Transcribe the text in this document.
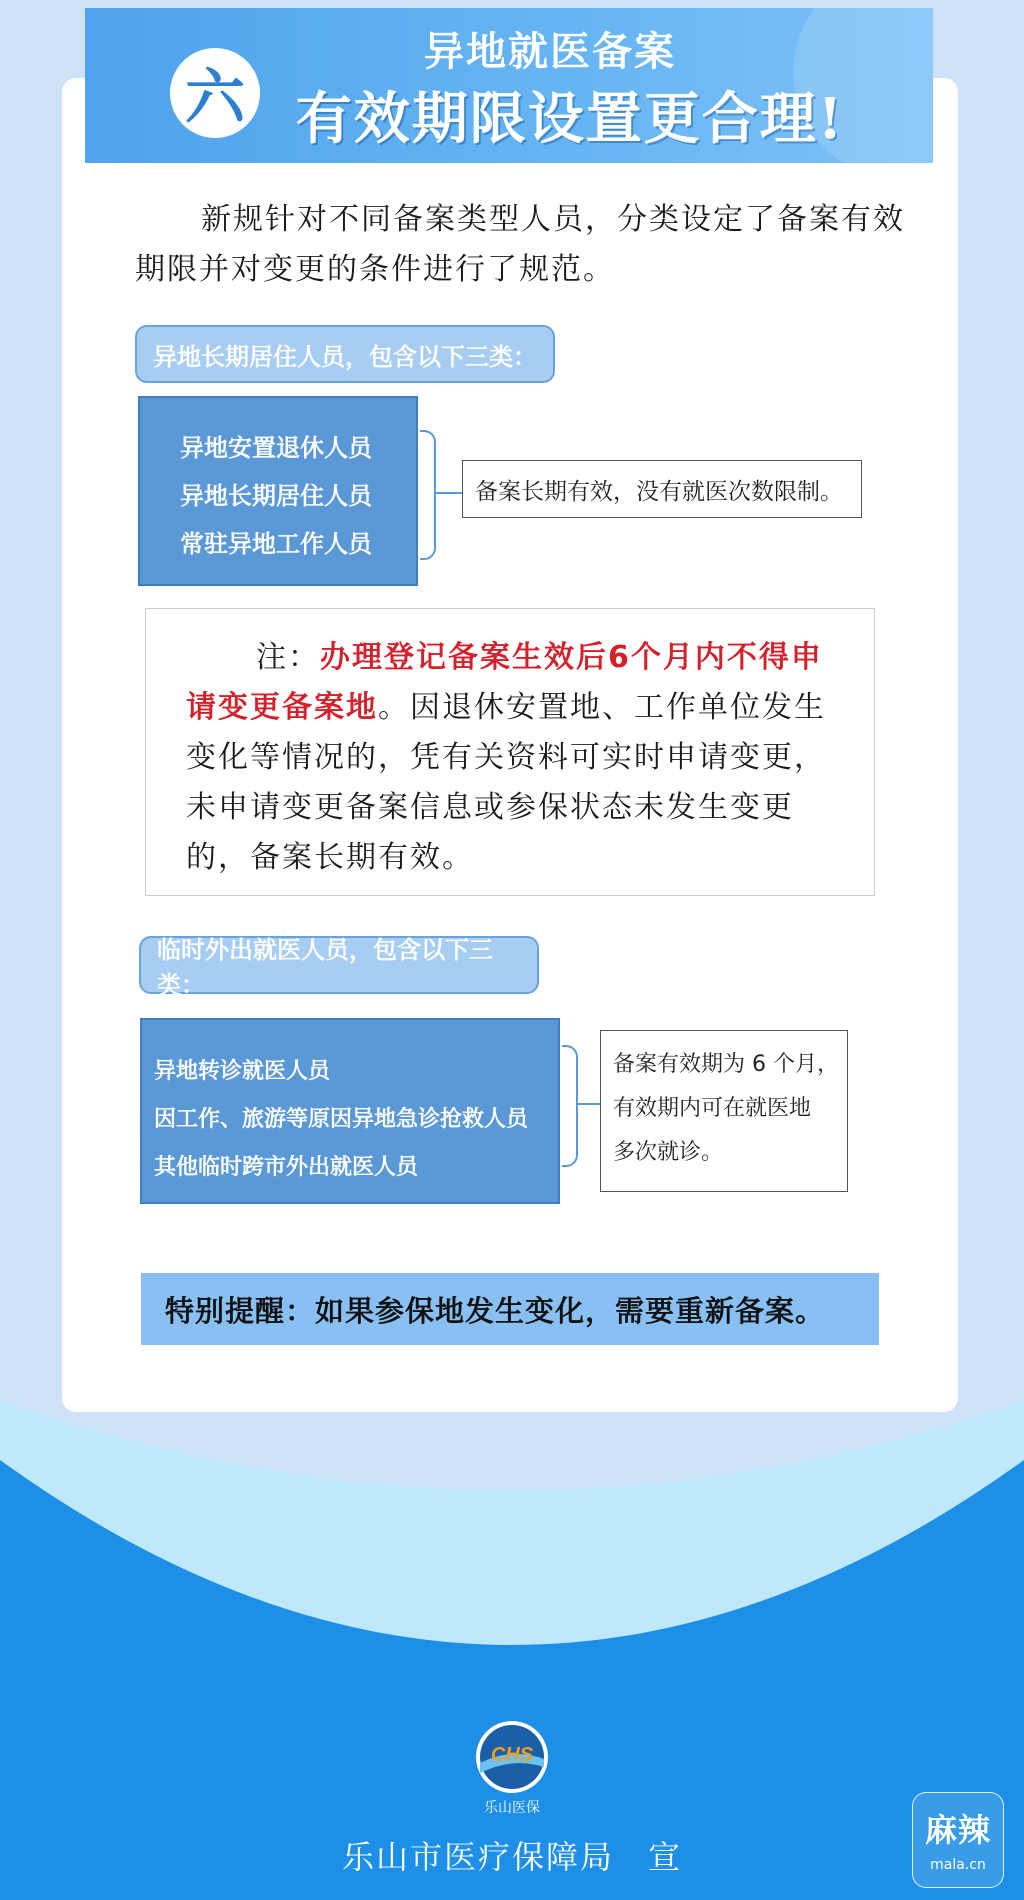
六
异地就医备案
有效期限设置更合理!
新规针对不同备案类型人员，分类设定了备案有效期限并对变更的条件进行了规范。
异地长期居住人员，包含以下三类：
异地安置退休人员
异地长期居住人员
常驻异地工作人员
备案长期有效，没有就医次数限制。
注：办理登记备案生效后6个月内不得申请变更备案地。因退休安置地、工作单位发生变化等情况的，凭有关资料可实时申请变更，未申请变更备案信息或参保状态未发生变更的，备案长期有效。
临时外出就医人员，包含以下三类：
异地转诊就医人员
因工作、旅游等原因异地急诊抢救人员
其他临时跨市外出就医人员
备案有效期为 6 个月，
有效期内可在就医地
多次就诊。
特别提醒：如果参保地发生变化，需要重新备案。
CHS
乐山医保
乐山市医疗保障局　宣
麻辣
mala.cn
